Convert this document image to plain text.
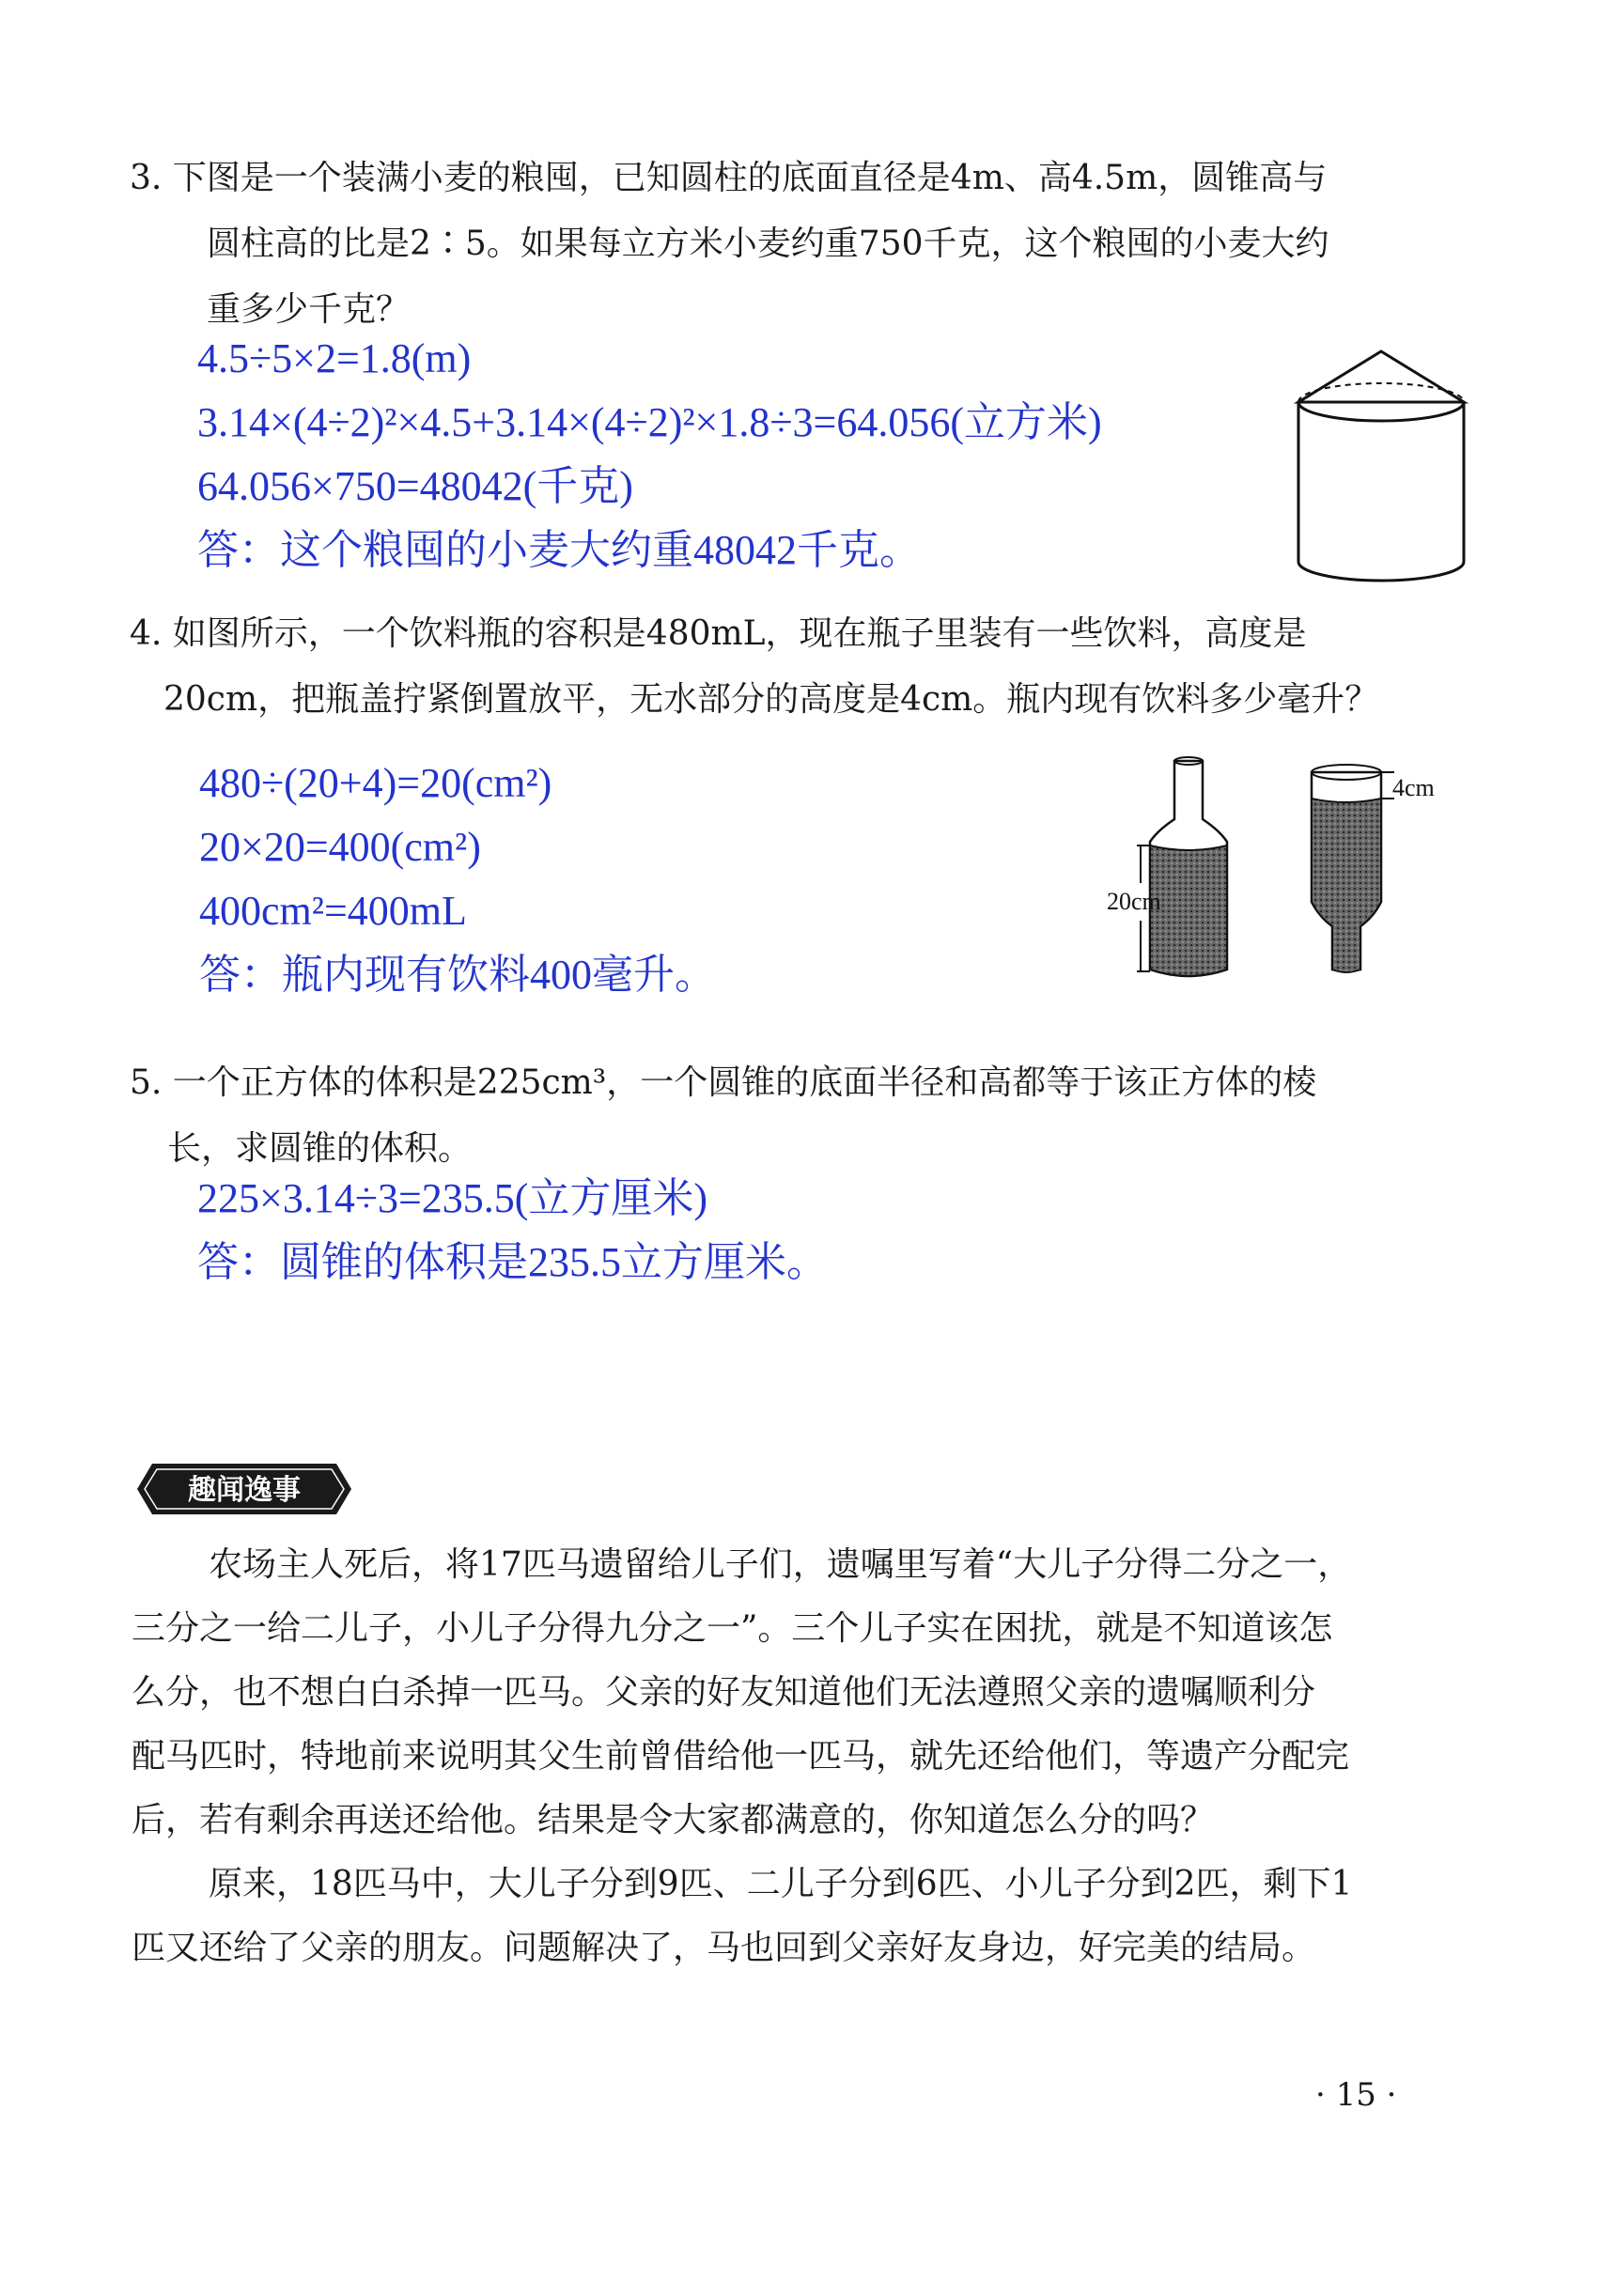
3. 下图是一个装满小麦的粮囤，已知圆柱的底面直径是4m、高4.5m，圆锥高与
圆柱高的比是2∶5。如果每立方米小麦约重750千克，这个粮囤的小麦大约
重多少千克？
4.5÷5×2=1.8(m)
3.14×(4÷2)²×4.5+3.14×(4÷2)²×1.8÷3=64.056(立方米)
64.056×750=48042(千克)
答：这个粮囤的小麦大约重48042千克。
4. 如图所示，一个饮料瓶的容积是480mL，现在瓶子里装有一些饮料，高度是
20cm，把瓶盖拧紧倒置放平，无水部分的高度是4cm。瓶内现有饮料多少毫升？
480÷(20+4)=20(cm²)
20×20=400(cm²)
400cm²=400mL
答：瓶内现有饮料400毫升。
20cm
4cm
5. 一个正方体的体积是225cm³，一个圆锥的底面半径和高都等于该正方体的棱
长，求圆锥的体积。
225×3.14÷3=235.5(立方厘米)
答：圆锥的体积是235.5立方厘米。
趣闻逸事
农场主人死后，将17匹马遗留给儿子们，遗嘱里写着“大儿子分得二分之一，
三分之一给二儿子，小儿子分得九分之一”。三个儿子实在困扰，就是不知道该怎
么分，也不想白白杀掉一匹马。父亲的好友知道他们无法遵照父亲的遗嘱顺利分
配马匹时，特地前来说明其父生前曾借给他一匹马，就先还给他们，等遗产分配完
后，若有剩余再送还给他。结果是令大家都满意的，你知道怎么分的吗？
原来，18匹马中，大儿子分到9匹、二儿子分到6匹、小儿子分到2匹，剩下1
匹又还给了父亲的朋友。问题解决了，马也回到父亲好友身边，好完美的结局。
· 15 ·
